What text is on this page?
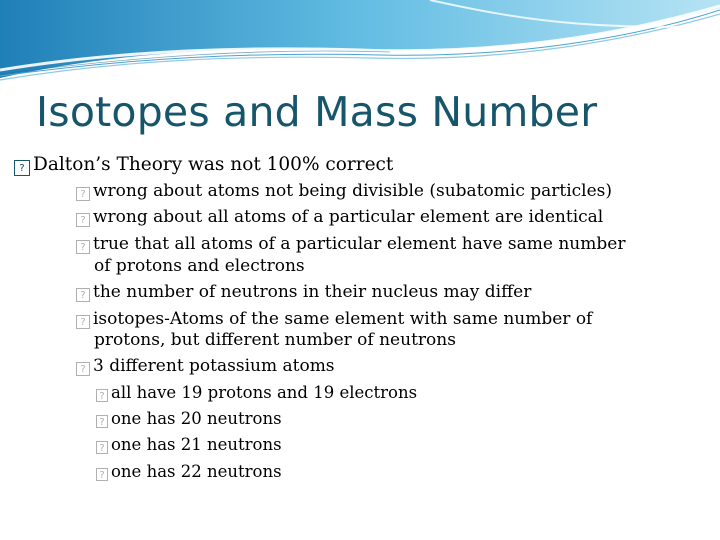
Isotopes and Mass Number
? Dalton’s Theory was not 100% correct
? wrong about atoms not being divisible (subatomic particles)
? wrong about all atoms of a particular element are identical
? true that all atoms of a particular element have same number
of protons and electrons
? the number of neutrons in their nucleus may differ
? isotopes-Atoms of the same element with same number of
protons, but different number of neutrons
? 3 different potassium atoms
? all have 19 protons and 19 electrons
? one has 20 neutrons
? one has 21 neutrons
? one has 22 neutrons
